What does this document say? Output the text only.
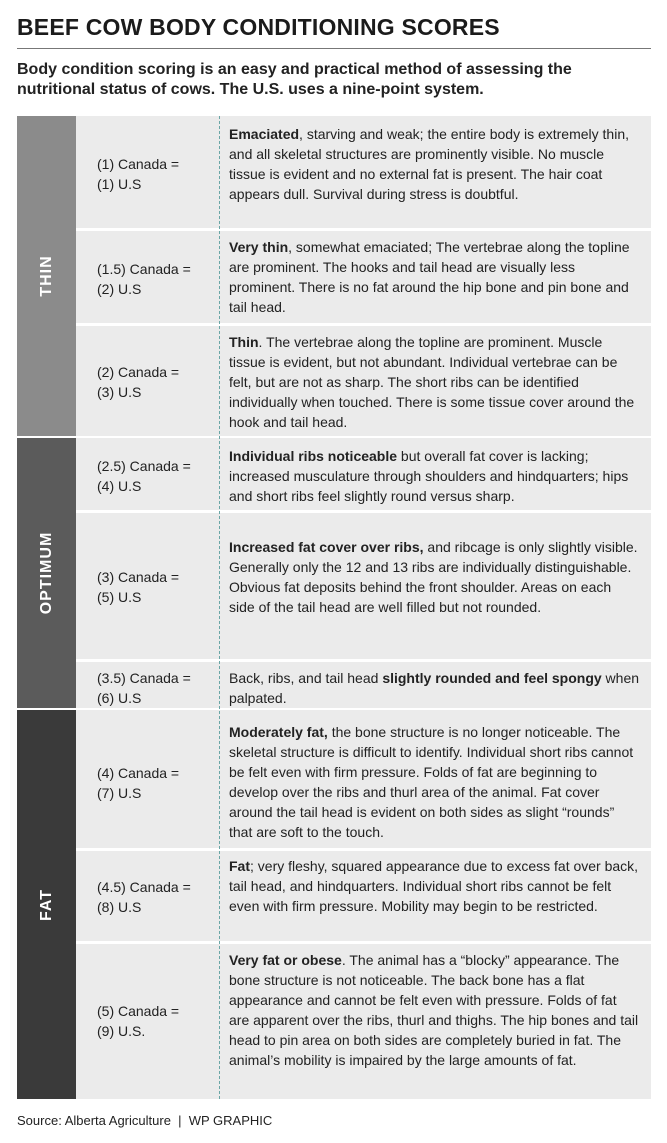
BEEF COW BODY CONDITIONING SCORES
Body condition scoring is an easy and practical method of assessing the nutritional status of cows. The U.S. uses a nine-point system.
THIN
OPTIMUM
FAT
(1) Canada =
(1) U.S
Emaciated, starving and weak; the entire body is extremely thin, and all skeletal structures are prominently visible. No muscle tissue is evident and no external fat is present. The hair coat appears dull. Survival during stress is doubtful.
(1.5) Canada =
(2) U.S
Very thin, somewhat emaciated; The vertebrae along the topline are prominent. The hooks and tail head are visually less prominent. There is no fat around the hip bone and pin bone and tail head.
(2) Canada =
(3) U.S
Thin. The vertebrae along the topline are prominent. Muscle tissue is evident, but not abundant. Individual vertebrae can be felt, but are not as sharp. The short ribs can be identified individually when touched. There is some tissue cover around the hook and tail head.
(2.5) Canada =
(4) U.S
Individual ribs noticeable but overall fat cover is lacking; increased musculature through shoulders and hindquarters; hips and short ribs feel slightly round versus sharp.
(3) Canada =
(5) U.S
Increased fat cover over ribs, and ribcage is only slightly visible. Generally only the 12 and 13 ribs are individually distinguishable. Obvious fat deposits behind the front shoulder. Areas on each side of the tail head are well filled but not rounded.
(3.5) Canada =
(6) U.S
Back, ribs, and tail head slightly rounded and feel spongy when palpated.
(4) Canada =
(7) U.S
Moderately fat, the bone structure is no longer noticeable. The skeletal structure is difficult to identify. Individual short ribs cannot be felt even with firm pressure. Folds of fat are beginning to develop over the ribs and thurl area of the animal. Fat cover around the tail head is evident on both sides as slight “rounds” that are soft to the touch.
(4.5) Canada =
(8) U.S
Fat; very fleshy, squared appearance due to excess fat over back, tail head, and hindquarters. Individual short ribs cannot be felt even with firm pressure. Mobility may begin to be restricted.
(5) Canada =
(9) U.S.
Very fat or obese. The animal has a “blocky” appearance. The bone structure is not noticeable. The back bone has a flat appearance and cannot be felt even with pressure. Folds of fat are apparent over the ribs, thurl and thighs. The hip bones and tail head to pin area on both sides are completely buried in fat. The animal’s mobility is impaired by the large amounts of fat.
Source: Alberta Agriculture  |  WP GRAPHIC
